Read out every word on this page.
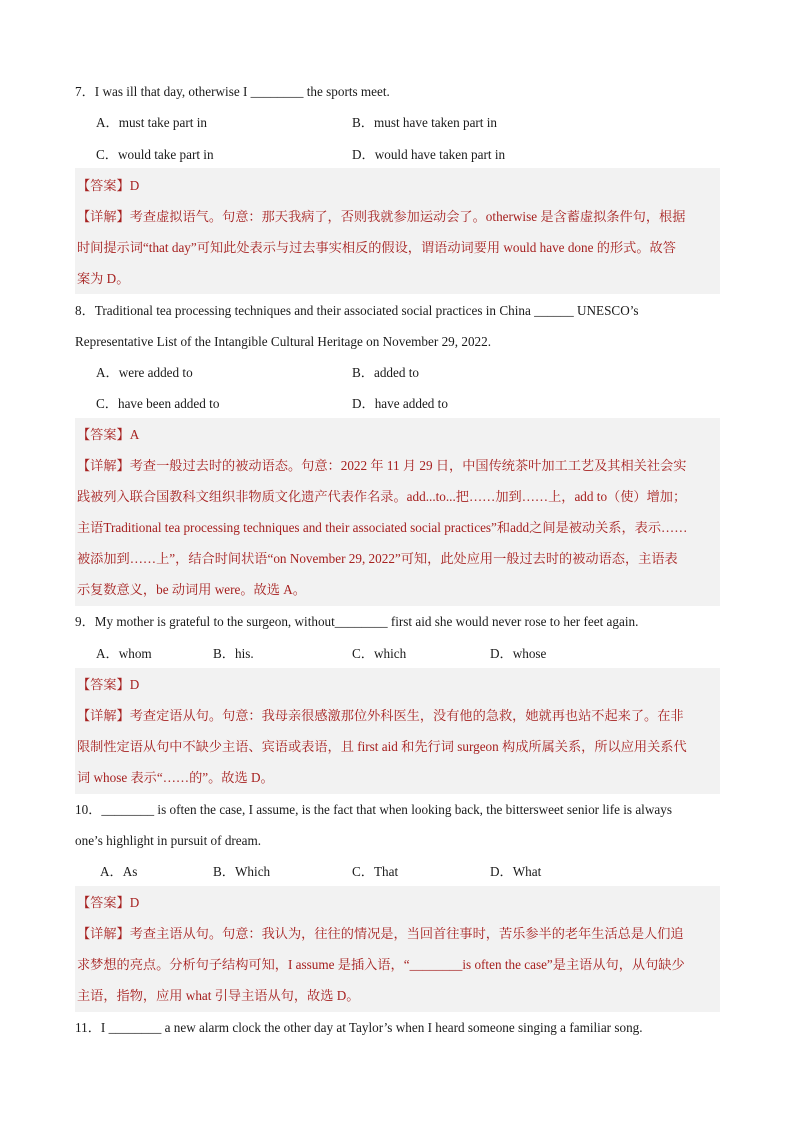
7．I was ill that day, otherwise I ________ the sports meet.
A．must take part in	B．must have taken part in
C．would take part in	D．would have taken part in
【答案】D
【详解】考查虚拟语气。句意：那天我病了，否则我就参加运动会了。otherwise 是含蓄虚拟条件句，根据
时间提示词“that day”可知此处表示与过去事实相反的假设，谓语动词要用 would have done 的形式。故答
案为 D。
8．Traditional tea processing techniques and their associated social practices in China ______ UNESCO’s
Representative List of the Intangible Cultural Heritage on November 29, 2022.
A．were added to	B．added to
C．have been added to	D．have added to
【答案】A
【详解】考查一般过去时的被动语态。句意：2022 年 11 月 29 日，中国传统茶叶加工工艺及其相关社会实
践被列入联合国教科文组织非物质文化遗产代表作名录。add...to...把……加到……上，add to（使）增加；
主语Traditional tea processing techniques and their associated social practices”和add之间是被动关系，表示……
被添加到……上”，结合时间状语“on November 29, 2022”可知，此处应用一般过去时的被动语态，主语表
示复数意义，be 动词用 were。故选 A。
9．My mother is grateful to the surgeon, without________ first aid she would never rose to her feet again.
A．whom	B．his.	C．which	D．whose
【答案】D
【详解】考查定语从句。句意：我母亲很感激那位外科医生，没有他的急救，她就再也站不起来了。在非
限制性定语从句中不缺少主语、宾语或表语，且 first aid 和先行词 surgeon 构成所属关系，所以应用关系代
词 whose 表示“……的”。故选 D。
10．________ is often the case, I assume, is the fact that when looking back, the bittersweet senior life is always
one’s highlight in pursuit of dream.
A．As	B．Which	C．That	D．What
【答案】D
【详解】考查主语从句。句意：我认为，往往的情况是，当回首往事时，苦乐参半的老年生活总是人们追
求梦想的亮点。分析句子结构可知，I assume 是插入语，“________is often the case”是主语从句，从句缺少
主语，指物，应用 what 引导主语从句，故选 D。
11．I ________ a new alarm clock the other day at Taylor’s when I heard someone singing a familiar song.
